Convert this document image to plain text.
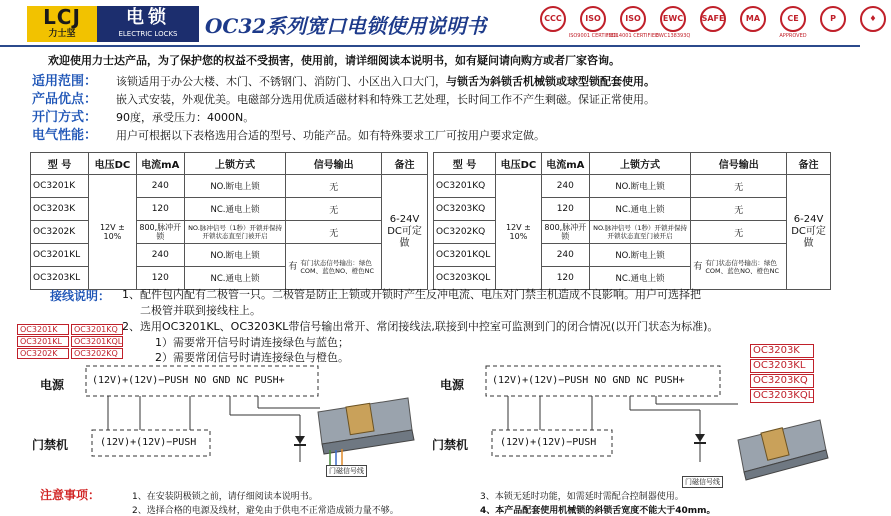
LCJ
力士坚
电锁
ELECTRIC LOCKS	OC32系列宽口电锁使用说明书	CCC	ISO
ISO9001 CERTIFIED
ISO
ISO14001 CERTIFIED
EWC
EWC138393Q
SAFE	MA	CE
APPROVED
P	♦
欢迎使用力士达产品，为了保护您的权益不受损害，使用前，请详细阅读本说明书，如有疑问请向购方或者厂家咨询。
适用范围：	该锁适用于办公大楼、木门、不锈钢门、消防门、小区出入口大门，与锁舌为斜锁舌机械锁或球型锁配套使用。
产品优点：	嵌入式安装，外观优美。电磁部分选用优质适磁材料和特殊工艺处理，长时间工作不产生剩磁。保证正常使用。
开门方式：	90度，承受压力：4000N。
电气性能：	用户可根据以下表格选用合适的型号、功能产品。如有特殊要求工厂可按用户要求定做。
型 号	电压DC	电流mA	上锁方式	信号输出	备注
OC3201K	12V ± 10%	240	NO.断电上锁	无	6-24V DC可定做
OC3203K		120	NC.通电上锁	无	
OC3202K		800,脉冲开锁	NO.脉冲信号（1秒）开锁并保持开锁状态直至门被开启	无	
OC3201KL		240	NO.断电上锁	有 有门状态信号输出：绿色COM、蓝色NO、橙色NC	

OC3203KL		120	NC.通电上锁		
型 号	电压DC	电流mA	上锁方式	信号输出	备注
OC3201KQ	12V ± 10%	240	NO.断电上锁	无	6-24V DC可定做
OC3203KQ		120	NC.通电上锁	无	
OC3202KQ		800,脉冲开锁	NO.脉冲信号（1秒）开锁并保持开锁状态直至门被开启	无	
OC3201KQL		240	NO.断电上锁	有 有门状态信号输出：绿色COM、蓝色NO、橙色NC	

OC3203KQL		120	NC.通电上锁		
接线说明： 1、配件包内配有二极管一只。二极管是防止上锁或开锁时产生反冲电流、电压对门禁主机造成不良影响。用户可选择把
二极管并联到接线柱上。
2、选用OC3201KL、OC3203KL带信号输出常开、常闭接线法,联接到中控室可监测到门的闭合情况(以开门状态为标准)。
1）需要常开信号时请连接绿色与蓝色；
2）需要常闭信号时请连接绿色与橙色。
OC3201K	OC3201KQ
OC3201KL	OC3201KQL
OC3202K	OC3202KQ	OC3203K
OC3203KL
OC3203KQ
OC3203KQL
电源
门禁机
(12V)+(12V)−PUSH NO GND NC PUSH+
(12V)+(12V)−PUSH
门磁信号线
(12V)+(12V)−PUSH NO GND NC PUSH+
电源
门禁机	(12V)+(12V)−PUSH
门磁信号线
注意事项：	1、在安装阴极锁之前，请仔细阅读本说明书。
2、选择合格的电源及线材，避免由于供电不正常造成锁力量不够。
3、本锁无延时功能，如需延时需配合控制器使用。
4、本产品配套使用机械锁的斜锁舌宽度不能大于40mm。
